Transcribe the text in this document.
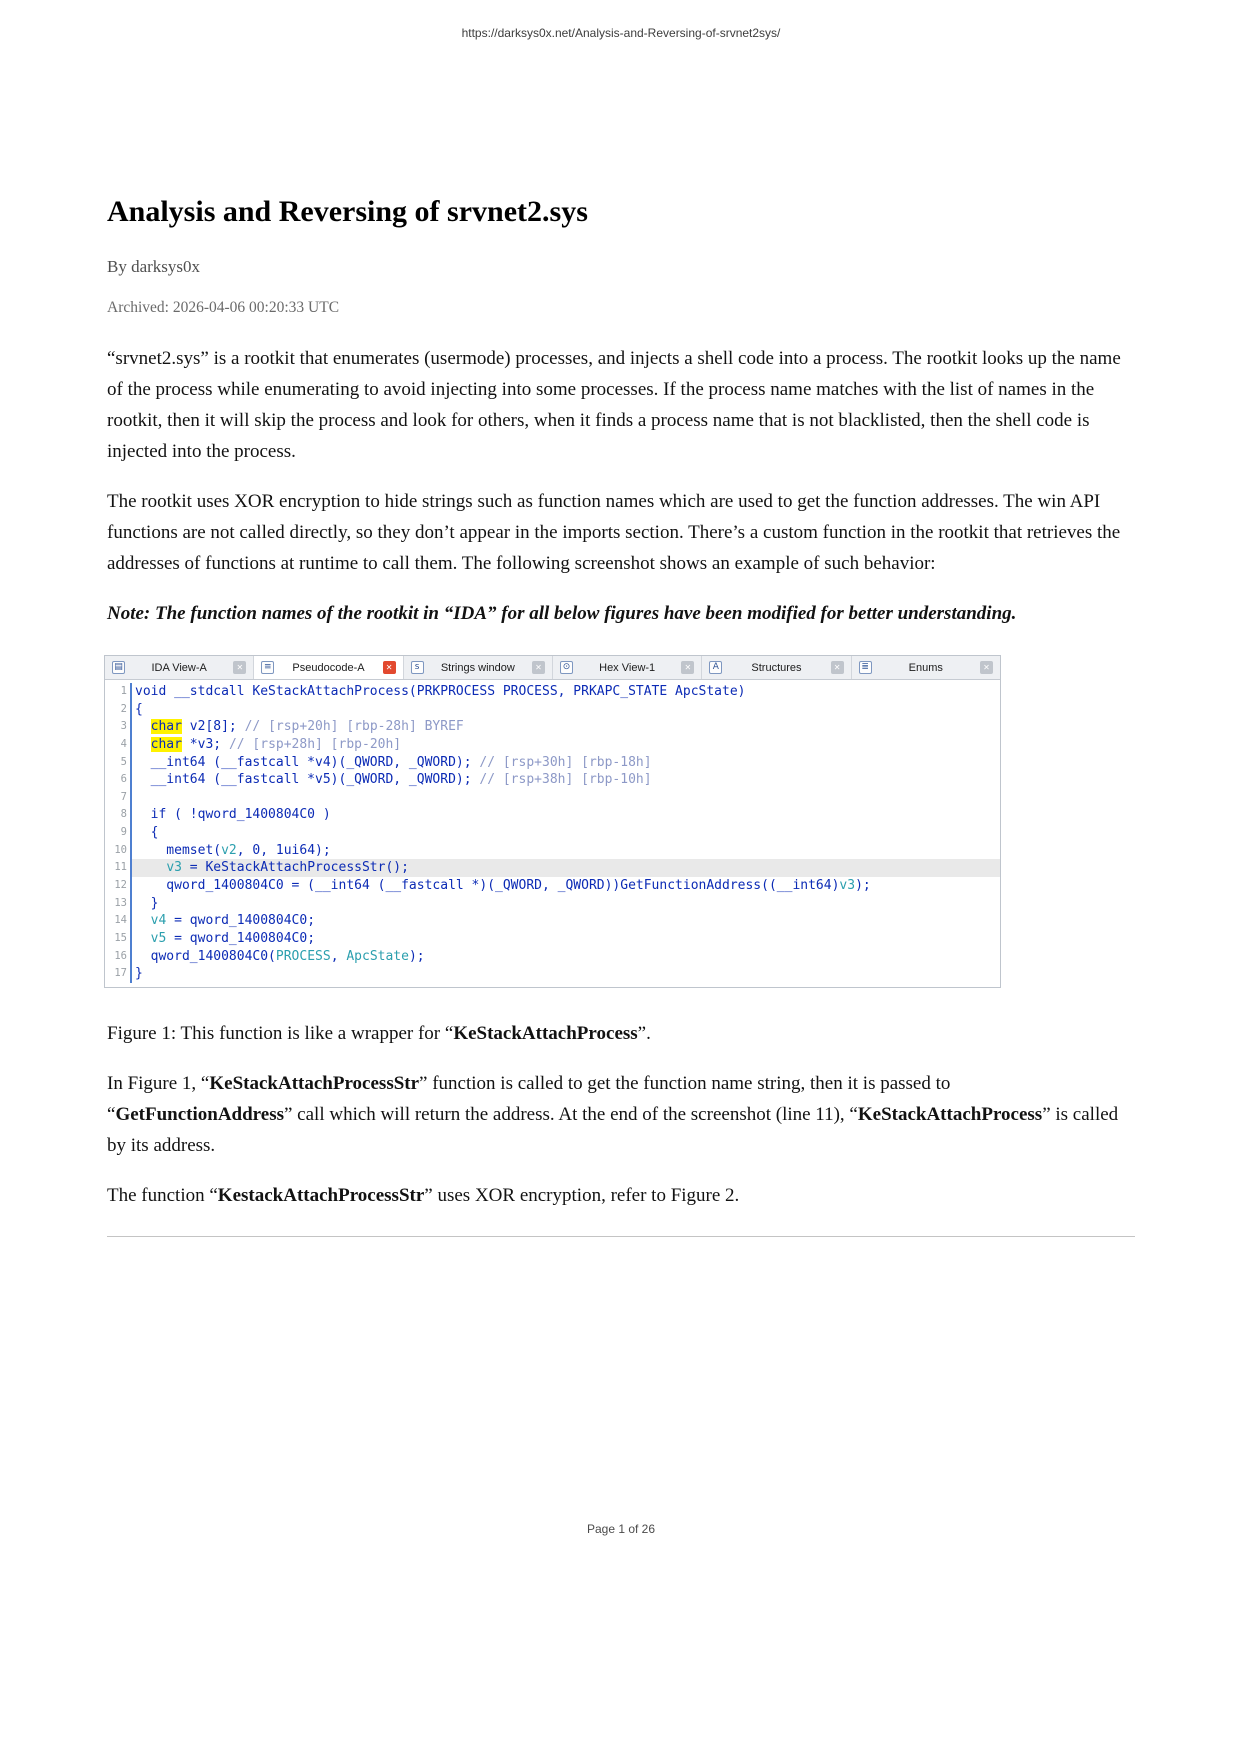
https://darksys0x.net/Analysis-and-Reversing-of-srvnet2sys/
Analysis and Reversing of srvnet2.sys

By darksys0x

Archived: 2026-04-06 00:20:33 UTC

“srvnet2.sys” is a rootkit that enumerates (usermode) processes, and injects a shell code into a process. The rootkit looks up the name of the process while enumerating to avoid injecting into some processes. If the process name matches with the list of names in the rootkit, then it will skip the process and look for others, when it finds a process name that is not blacklisted, then the shell code is injected into the process.

The rootkit uses XOR encryption to hide strings such as function names which are used to get the function addresses. The win API functions are not called directly, so they don’t appear in the imports section. There’s a custom function in the rootkit that retrieves the addresses of functions at runtime to call them. The following screenshot shows an example of such behavior:

Note: The function names of the rootkit in “IDA” for all below figures have been modified for better understanding.

▤	IDA View-A	✕	≡	Pseudocode-A	✕	s	Strings window	✕	⊙	Hex View-1	✕	A	Structures	✕	≣	Enums	✕
1 void __stdcall KeStackAttachProcess(PRKPROCESS PROCESS, PRKAPC_STATE ApcState)
2 {
3	char v2[8]; // [rsp+20h] [rbp-28h] BYREF
4	char *v3; // [rsp+28h] [rbp-20h]
5 __int64 (__fastcall *v4)(_QWORD, _QWORD); // [rsp+30h] [rbp-18h]
6 __int64 (__fastcall *v5)(_QWORD, _QWORD); // [rsp+38h] [rbp-10h]
7

8 if ( !qword_1400804C0 )
9 {
10 memset(v2, 0, 1ui64);
11	v3 = KeStackAttachProcessStr();
12 qword_1400804C0 = (__int64 (__fastcall *)(_QWORD, _QWORD))GetFunctionAddress((__int64)v3);
13 }
14	v4 = qword_1400804C0;
15	v5 = qword_1400804C0;
16 qword_1400804C0(PROCESS, ApcState);
17 }

Figure 1: This function is like a wrapper for “KeStackAttachProcess”.

In Figure 1, “KeStackAttachProcessStr” function is called to get the function name string, then it is passed to “GetFunctionAddress” call which will return the address. At the end of the screenshot (line 11), “KeStackAttachProcess” is called by its address.

The function “KestackAttachProcessStr” uses XOR encryption, refer to Figure 2.

Page 1 of 26
